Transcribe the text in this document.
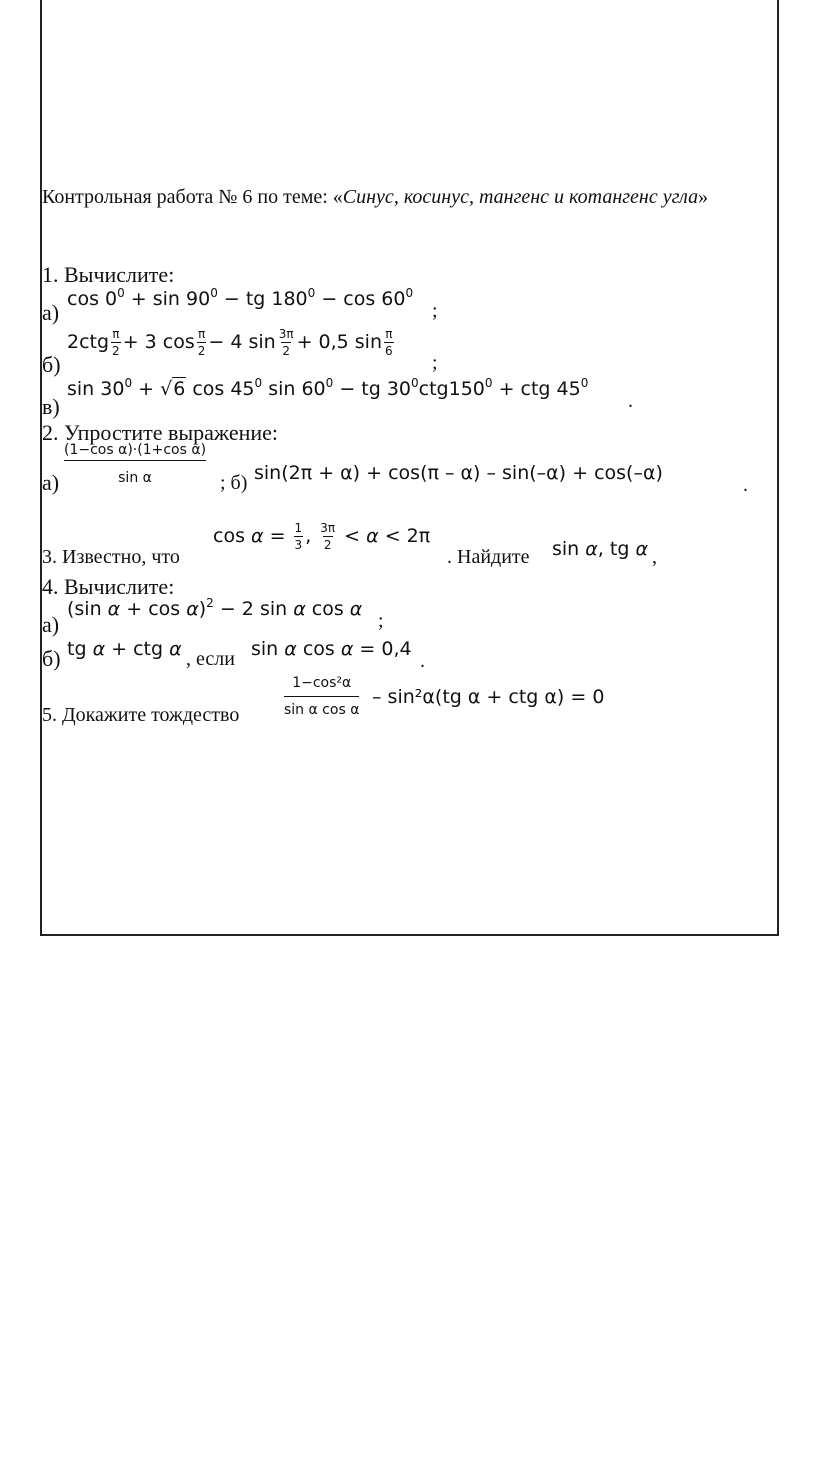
Контрольная работа № 6 по теме: «Синус, косинус, тангенс и котангенс угла»
1. Вычислите:
а)
$\cos 0^0 + \sin 90^0$ − tg $180^0 - \cos 60^0$
;
б)
$2ctg \frac{\pi}{2} + 3$ $\cos \frac{\pi}{2} - 4$ $\sin \frac{3\pi}{2} + 0,5$ $\sin \frac{\pi}{6}$
;
в)
$\sin 30^0 + √6$ $\cos 45^0$ $\sin 60^0$ − tg $30^0ctg150^0$ + ctg $45^0$
.
2. Упростите выражение:
а)
(1−cos α)·(1+cos α)
sin α	; б) sin(2π + α) + cos(π – α) – sin(–α) + cos(–α)
.
3. Известно, что
$\cos \alpha = \frac{1}{3}$ , $\frac{3\pi}{2} < \alpha < 2\pi$
. Найдите sin α, tg α ,
4. Вычислите:
а)
(sin α + cos α)$^2$ − 2 sin α cos α
;
б) tg α + ctg α , если sin α cos α = 0,4
.
5. Докажите тождество
1−cos²α
sin α cos α
– sin²α(tg α + ctg α) = 0
